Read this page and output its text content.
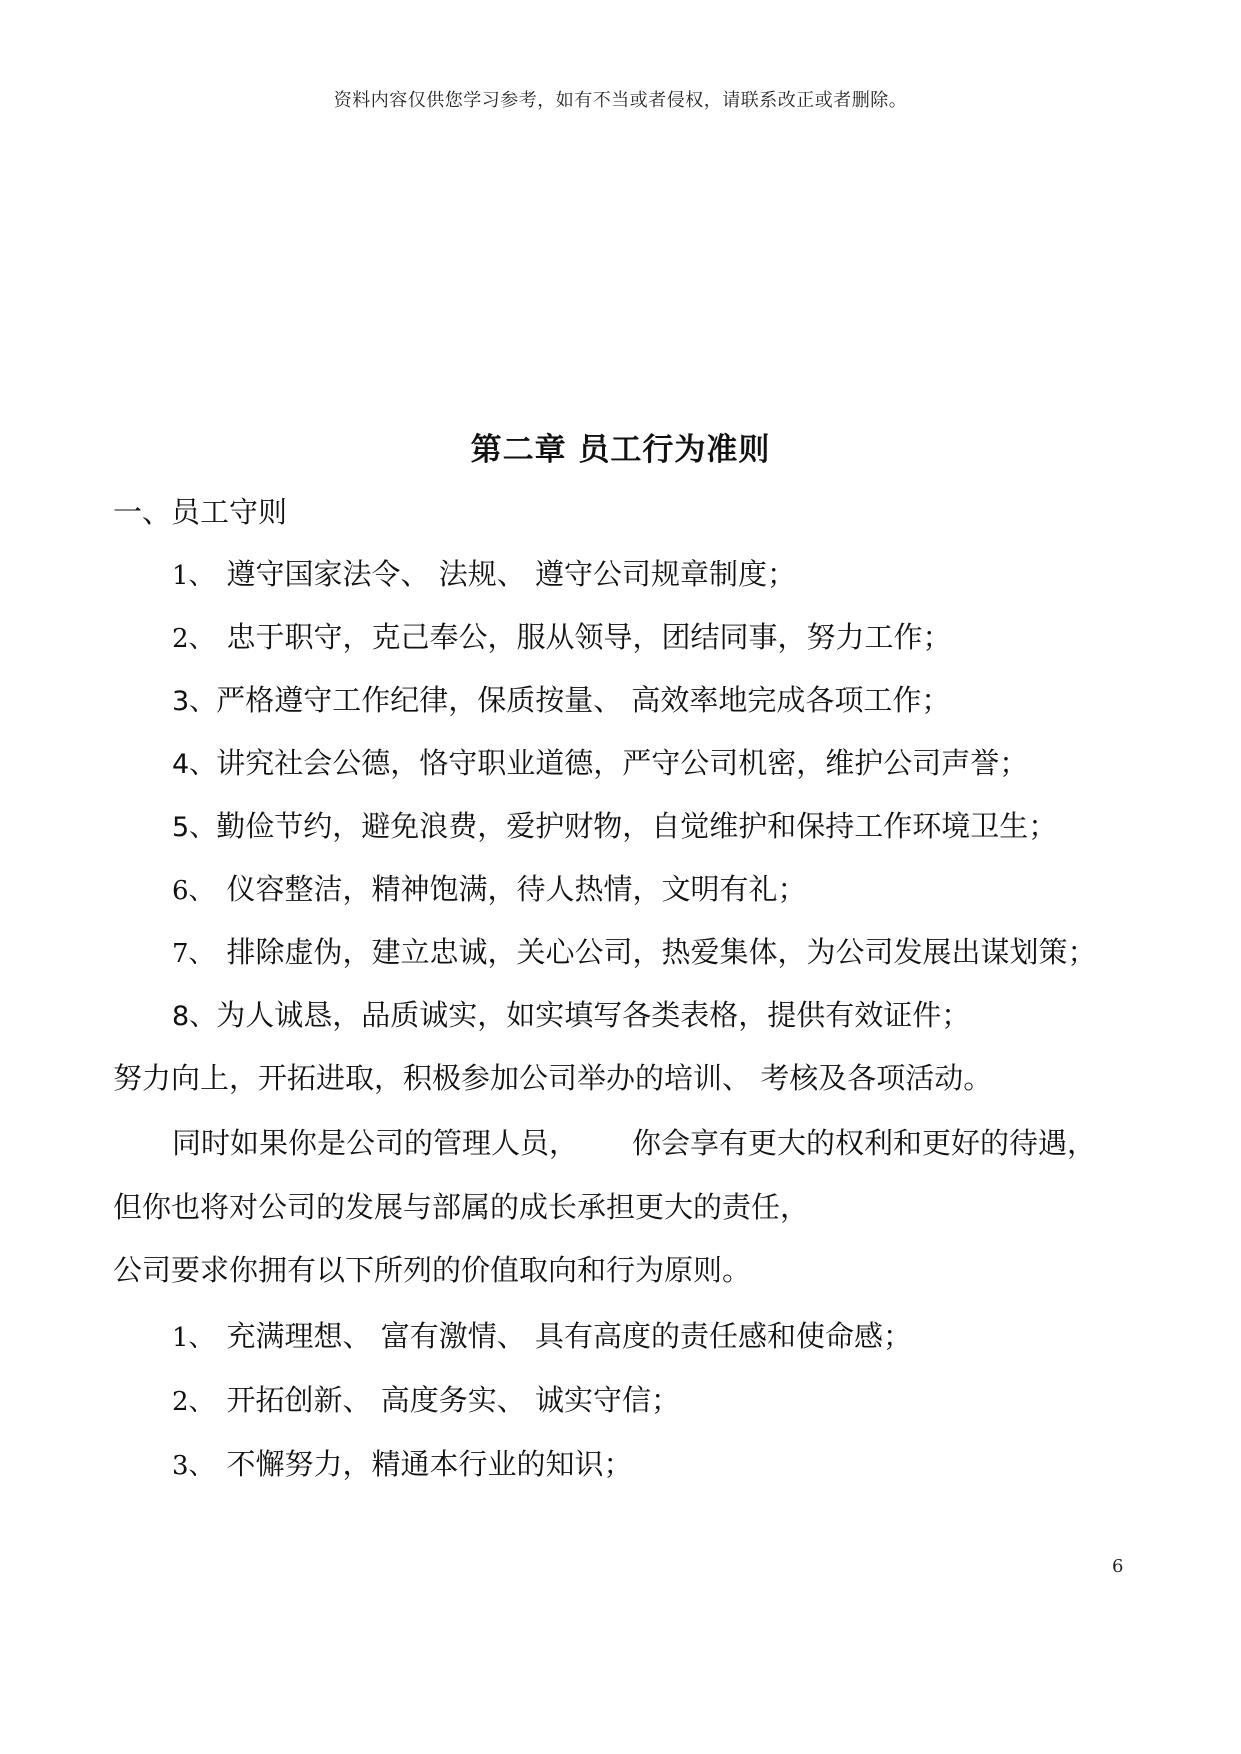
资料内容仅供您学习参考，如有不当或者侵权，请联系改正或者删除。
第二章 员工行为准则
一、员工守则
1、 遵守国家法令、 法规、 遵守公司规章制度；
2、 忠于职守，克己奉公，服从领导，团结同事，努力工作；
3、严格遵守工作纪律，保质按量、 高效率地完成各项工作；
4、讲究社会公德，恪守职业道德，严守公司机密，维护公司声誉；
5、勤俭节约，避免浪费，爱护财物，自觉维护和保持工作环境卫生；
6、 仪容整洁，精神饱满，待人热情，文明有礼；
7、 排除虚伪，建立忠诚，关心公司，热爱集体，为公司发展出谋划策；
8、为人诚恳，品质诚实，如实填写各类表格，提供有效证件；
努力向上，开拓进取，积极参加公司举办的培训、 考核及各项活动。
同时如果你是公司的管理人员， 你会享有更大的权利和更好的待遇，
但你也将对公司的发展与部属的成长承担更大的责任，
公司要求你拥有以下所列的价值取向和行为原则。
1、 充满理想、 富有激情、 具有高度的责任感和使命感；
2、 开拓创新、 高度务实、 诚实守信；
3、 不懈努力，精通本行业的知识；
6
